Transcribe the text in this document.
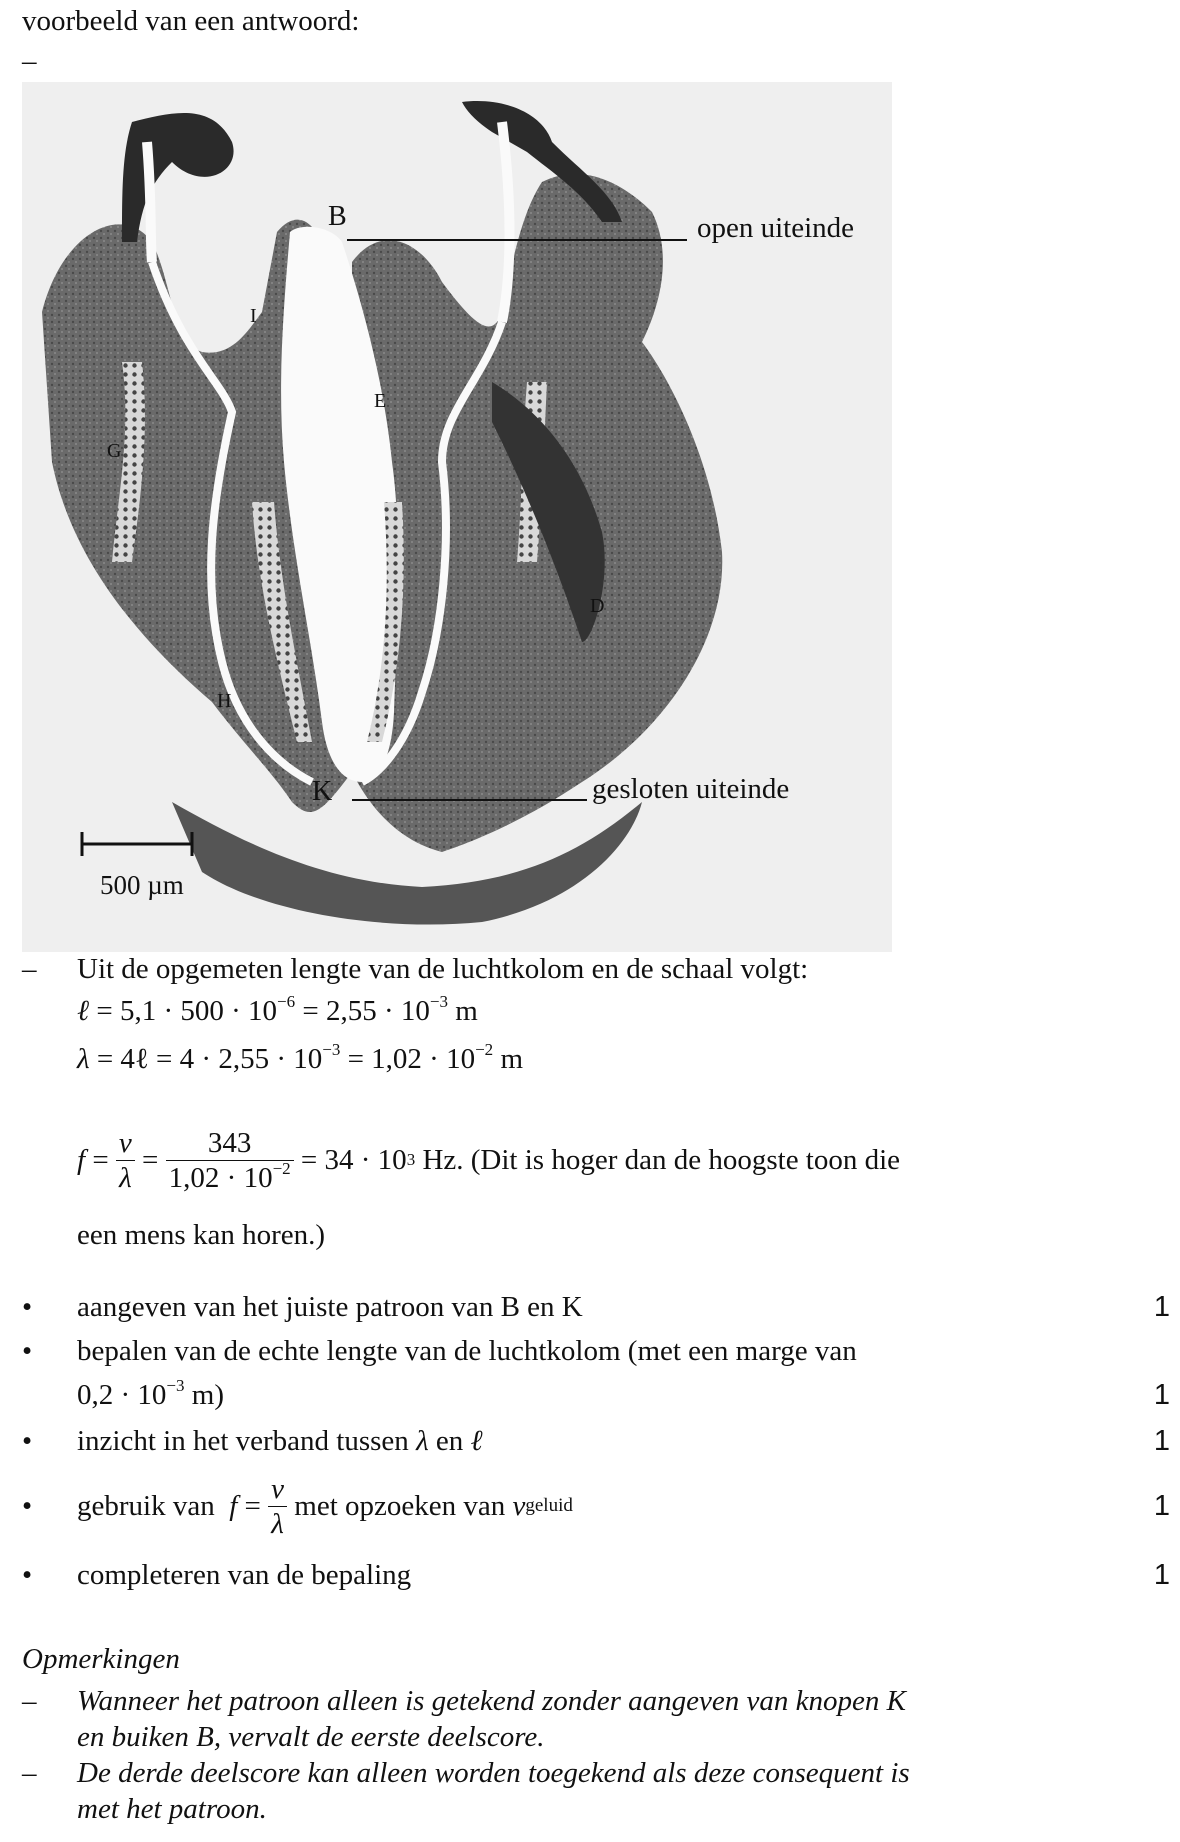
voorbeeld van een antwoord:
–
I
E
G
D
H
B	open uiteinde
K	gesloten uiteinde
500 µm
– Uit de opgemeten lengte van de luchtkolom en de schaal volgt:
ℓ = $5,1 \cdot 500 \cdot 10^{-6} = 2,55 \cdot 10^{-3}$ m
λ = 4ℓ = $4 \cdot 2,55 \cdot 10^{-3} = 1,02 \cdot 10^{-2}$ m
$f = \frac{v}{\lambda} = \frac{343}{1,02 \cdot 10^{-2}}$
= 34 · 10 3
Hz.
(Dit is hoger dan de hoogste toon die
een mens kan horen.)
• aangeven van het juiste patroon van B en K	1
• bepalen van de echte lengte van de luchtkolom (met een marge van
$0,2 \cdot 10^{-3}$ m)	1
• inzicht in het verband tussen λ en ℓ	1
• gebruik van
$f = \frac{v}{\lambda}$
met opzoeken van
v geluid	1
• completeren van de bepaling	1
Opmerkingen
– Wanneer het patroon alleen is getekend zonder aangeven van knopen K
en buiken B, vervalt de eerste deelscore.
– De derde deelscore kan alleen worden toegekend als deze consequent is
met het patroon.
